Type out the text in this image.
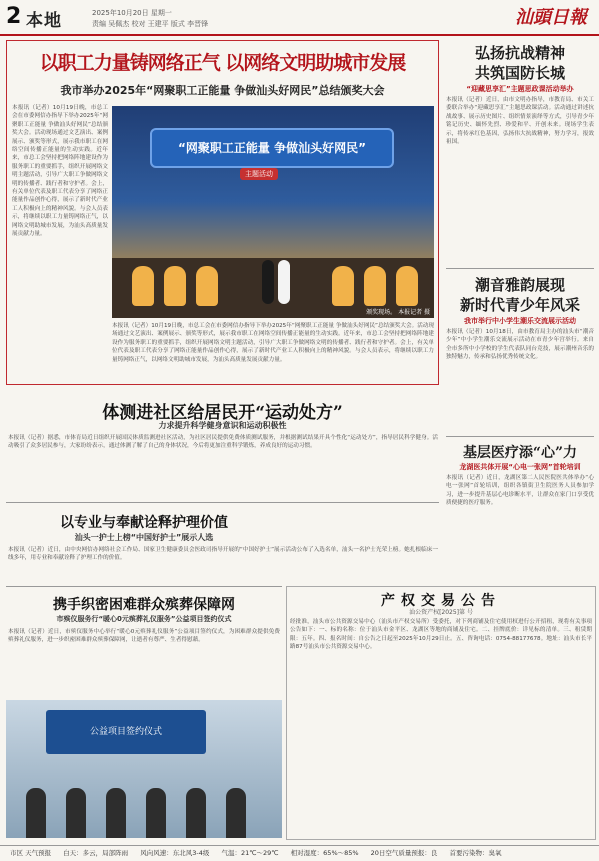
2 本地	2025年10月20日 星期一
责编 吴佩杰 校对 王建平 版式 李晋锋	汕頭日報
以职工力量铸网络正气 以网络文明助城市发展
我市举办2025年“网聚职工正能量 争做汕头好网民”总结颁奖大会
本报讯（记者）10月19日晚，市总工会在市委网信办指导下举办2025年“网聚职工正能量 争做汕头好网民”总结颁奖大会。活动现场通过文艺演出、案例展示、颁奖等形式，展示我市职工在网络空间传播正能量的生动实践。近年来，市总工会坚持把网络阵地建设作为服务职工的重要抓手，组织开展网络文明主题活动，引导广大职工争做网络文明的传播者、践行者和守护者。会上，有关单位代表及职工代表分享了网络正能量作品创作心得，展示了新时代产业工人积极向上的精神风貌。与会人员表示，将继续以职工力量铸网络正气，以网络文明助城市发展，为汕头高质量发展贡献力量。
“网聚职工正能量 争做汕头好网民”
主题活动
颁奖现场。 本报记者 摄
本报讯（记者）10月19日晚，市总工会在市委网信办指导下举办2025年“网聚职工正能量 争做汕头好网民”总结颁奖大会。活动现场通过文艺演出、案例展示、颁奖等形式，展示我市职工在网络空间传播正能量的生动实践。近年来，市总工会坚持把网络阵地建设作为服务职工的重要抓手，组织开展网络文明主题活动，引导广大职工争做网络文明的传播者、践行者和守护者。会上，有关单位代表及职工代表分享了网络正能量作品创作心得，展示了新时代产业工人积极向上的精神风貌。与会人员表示，将继续以职工力量铸网络正气，以网络文明助城市发展，为汕头高质量发展贡献力量。
弘扬抗战精神
共筑国防长城
“迎藏思享汇”主题思政课活动举办
本报讯（记者）近日，由市文明办指导，市教育局、市关工委联合举办“迎藏思享汇”主题思政课活动。活动通过讲述抗战故事、展示历史图片、组织情景演绎等方式，引导青少年铭记历史、缅怀先烈、珍爱和平、开创未来。现场学生表示，将传承红色基因，弘扬伟大抗战精神，努力学习，报效祖国。
潮音雅韵展现
新时代青少年风采
我市举行中小学生潮乐交流展示活动
本报讯（记者）10月18日，由市教育局主办的汕头市“潮音少年”中小学生潮乐交流展示活动在市青少年宫举行。来自全市多所中小学校的学生代表队同台竞技，展示潮州音乐的独特魅力，传承和弘扬优秀传统文化。
基层医疗添“心”力
龙湖医共体开展“心电一张网”首轮培训
本报讯（记者）近日，龙湖区第二人民医院医共体举办“心电一张网”首轮培训，组织各镇街卫生院医务人员参加学习，进一步提升基层心电诊断水平，让群众在家门口享受优质便捷的医疗服务。
体测进社区给居民开“运动处方”
力求提升科学健身意识和运动积极性
本报讯（记者）据悉，市体育局近日组织开展国民体质监测进社区活动，为社区居民提供免费体质测试服务，并根据测试结果开具个性化“运动处方”，指导居民科学健身。活动吸引了众多居民参与，大家纷纷表示，通过体测了解了自己的身体状况，今后将更加注重科学锻炼，养成良好的运动习惯。
以专业与奉献诠释护理价值
汕头一护士上榜“中国好护士”展示人选
本报讯（记者）近日，由中央网信办网络社会工作局、国家卫生健康委员会医政司指导开展的“中国好护士”展示活动公布了入选名单，汕头一名护士光荣上榜。她扎根临床一线多年，用专业和奉献诠释了护理工作的价值。
携手织密困难群众殡葬保障网
市殡仪服务行“暖心0元殡葬礼仪服务”公益项目签约仪式
本报讯（记者）近日，市殡仪服务中心举行“暖心0元殡葬礼仪服务”公益项目签约仪式，为困难群众提供免费殡葬礼仪服务，进一步织密困难群众殡葬保障网，让逝者有尊严、生者得慰藉。
公益项目签约仪式
产权交易公告
汕公资产权[2025]第 号
经批准，汕头市公共资源交易中心（汕头市产权交易所）受委托，对下列商铺及住宅使用权进行公开招租，现将有关事项公告如下：一、标的名称：位于汕头市金平区、龙湖区等地的商铺及住宅。二、挂牌底价：详见标的清单。三、租赁期限：五年。四、报名时间：自公告之日起至2025年10月29日止。五、咨询电话：0754-88177678。地址：汕头市长平路87号汕头市公共资源交易中心。
市区 天气预报 白天：多云，局部阵雨 风向风速：东北风3-4级 气温：21℃～29℃ 相对湿度：65%～85% 20日空气质量预报：良 首要污染物：臭氧
